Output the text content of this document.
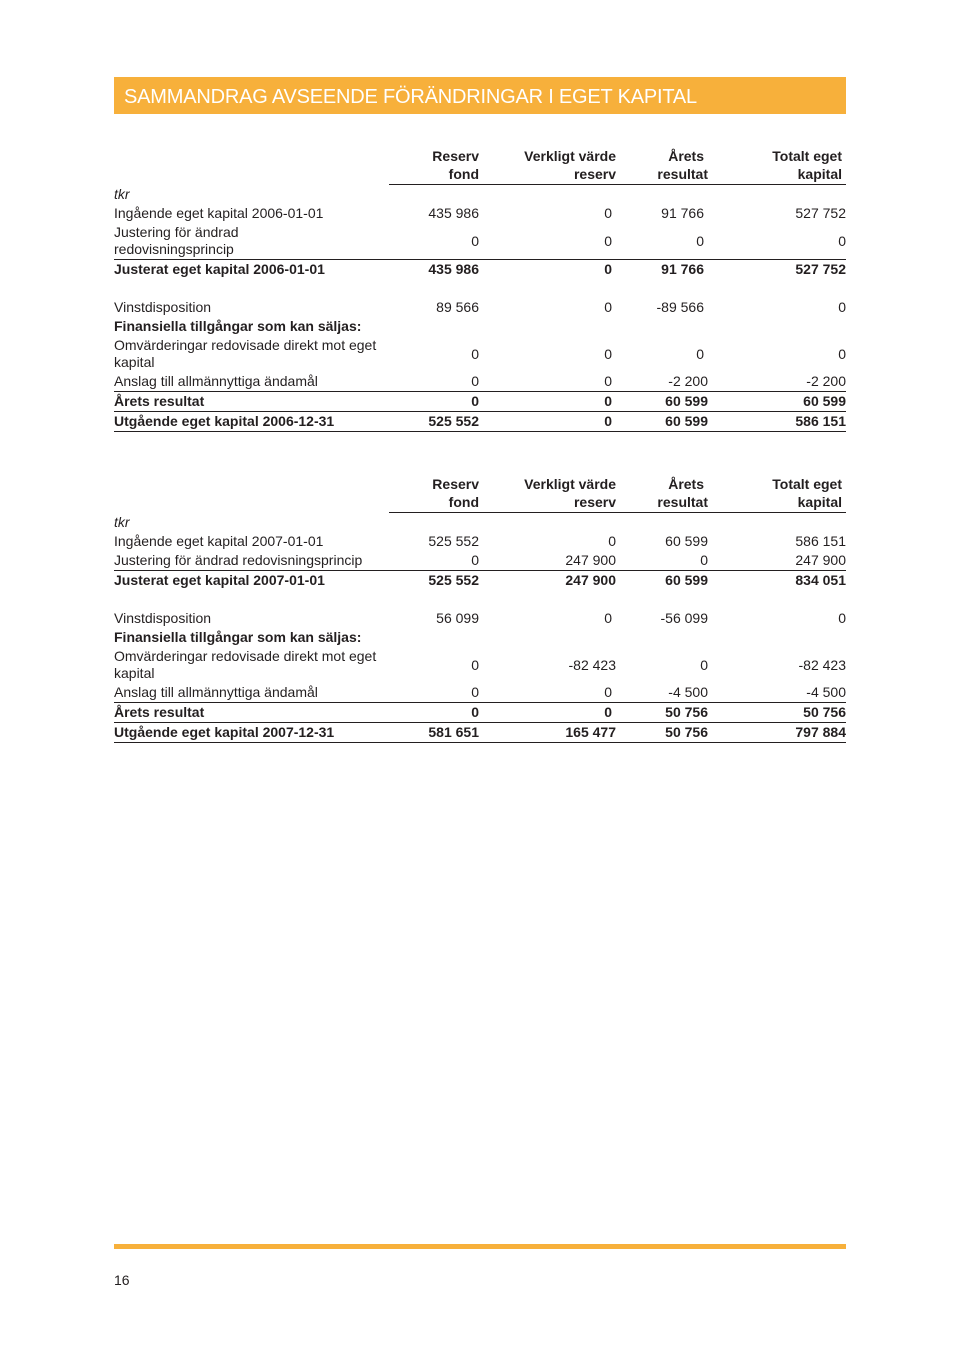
SAMMANDRAG AVSEENDE FÖRÄNDRINGAR I EGET KAPITAL
	Reserv	Verkligt värde	Årets	Totalt eget
	fond	reserv	resultat	kapital
tkr				
Ingående eget kapital 2006-01-01	435 986	0	91 766	527 752

Justering för ändrad redovisningsprincip	0	0	0	0
Justerat eget kapital 2006-01-01	435 986	0	91 766	527 752

Vinstdisposition	89 566	0	-89 566	0
Finansiella tillgångar som kan säljas:				

Omvärderingar redovisade direkt mot eget kapital	0	0	0	0
Anslag till allmännyttiga ändamål	0	0	-2 200	-2 200
Årets resultat	0	0	60 599	60 599
Utgående eget kapital 2006-12-31	525 552	0	60 599	586 151
	Reserv	Verkligt värde	Årets	Totalt eget
	fond	reserv	resultat	kapital
tkr				
Ingående eget kapital 2007-01-01	525 552	0	60 599	586 151
Justering för ändrad redovisningsprincip	0	247 900	0	247 900
Justerat eget kapital 2007-01-01	525 552	247 900	60 599	834 051

Vinstdisposition	56 099	0	-56 099	0
Finansiella tillgångar som kan säljas:				

Omvärderingar redovisade direkt mot eget kapital	0	-82 423	0	-82 423
Anslag till allmännyttiga ändamål	0	0	-4 500	-4 500
Årets resultat	0	0	50 756	50 756
Utgående eget kapital 2007-12-31	581 651	165 477	50 756	797 884
16
